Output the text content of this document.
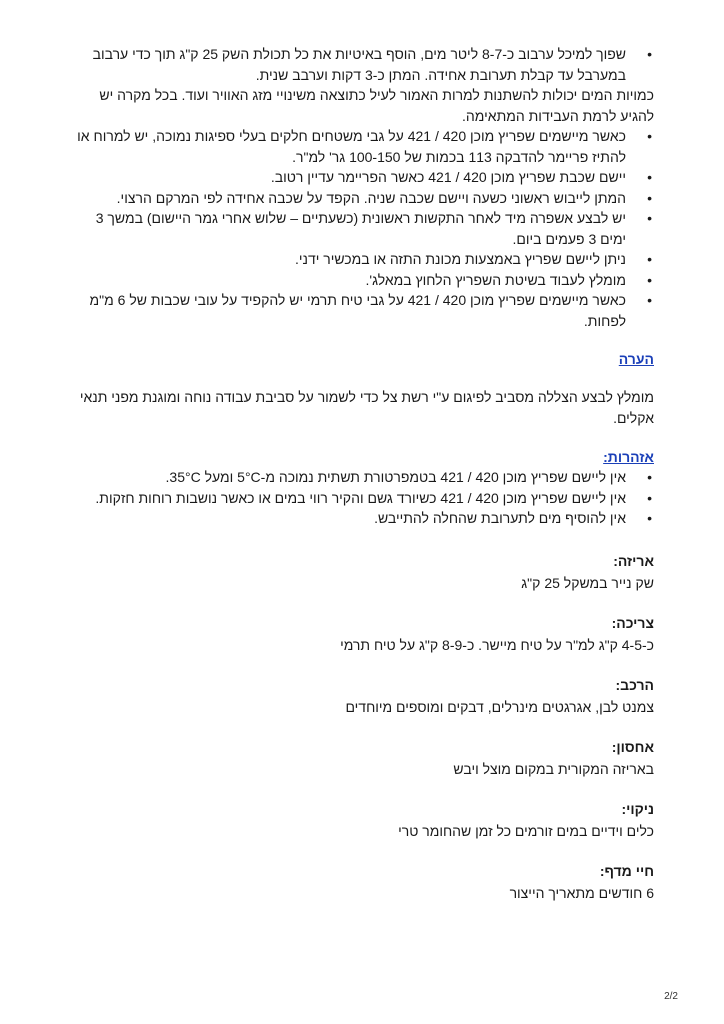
• שפוך למיכל ערבוב כ-8-7 ליטר מים, הוסף באיטיות את כל תכולת השק 25 ק"ג תוך כדי ערבוב במערבל עד קבלת תערובת אחידה. המתן כ-3 דקות וערבב שנית.
כמויות המים יכולות להשתנות למרות האמור לעיל כתוצאה משינויי מזג האוויר ועוד. בכל מקרה יש להגיע לרמת העבידות המתאימה.
• כאשר מיישמים שפריץ מוכן 420 / 421 על גבי משטחים חלקים בעלי ספיגות נמוכה, יש למרוח או להתיז פריימר להדבקה 113 בכמות של 100-150 גר' למ"ר.
• יישם שכבת שפריץ מוכן 420 / 421 כאשר הפריימר עדיין רטוב.
• המתן לייבוש ראשוני כשעה ויישם שכבה שניה. הקפד על שכבה אחידה לפי המרקם הרצוי.
• יש לבצע אשפרה מיד לאחר התקשות ראשונית (כשעתיים – שלוש אחרי גמר היישום) במשך 3 ימים 3 פעמים ביום.
• ניתן ליישם שפריץ באמצעות מכונת התזה או במכשיר ידני.
• מומלץ לעבוד בשיטת השפריץ הלחוץ במאלג'.
• כאשר מיישמים שפריץ מוכן 420 / 421 על גבי טיח תרמי יש להקפיד על עובי שכבות של 6 מ"מ לפחות.
הערה
מומלץ לבצע הצללה מסביב לפיגום ע"י רשת צל כדי לשמור על סביבת עבודה נוחה ומוגנת מפני תנאי אקלים.
אזהרות:
• אין ליישם שפריץ מוכן 420 / 421 בטמפרטורת תשתית נמוכה מ-5°C ומעל 35°C.
• אין ליישם שפריץ מוכן 420 / 421 כשיורד גשם והקיר רווי במים או כאשר נושבות רוחות חזקות.
• אין להוסיף מים לתערובת שהחלה להתייבש.
אריזה:
שק נייר במשקל 25 ק"ג
צריכה:
כ-4-5 ק"ג למ"ר על טיח מיישר. כ-8-9 ק"ג על טיח תרמי
הרכב:
צמנט לבן, אגרגטים מינרלים, דבקים ומוספים מיוחדים
אחסון:
באריזה המקורית במקום מוצל ויבש
ניקוי:
כלים וידיים במים זורמים כל זמן שהחומר טרי
חיי מדף:
6 חודשים מתאריך הייצור
2/2
